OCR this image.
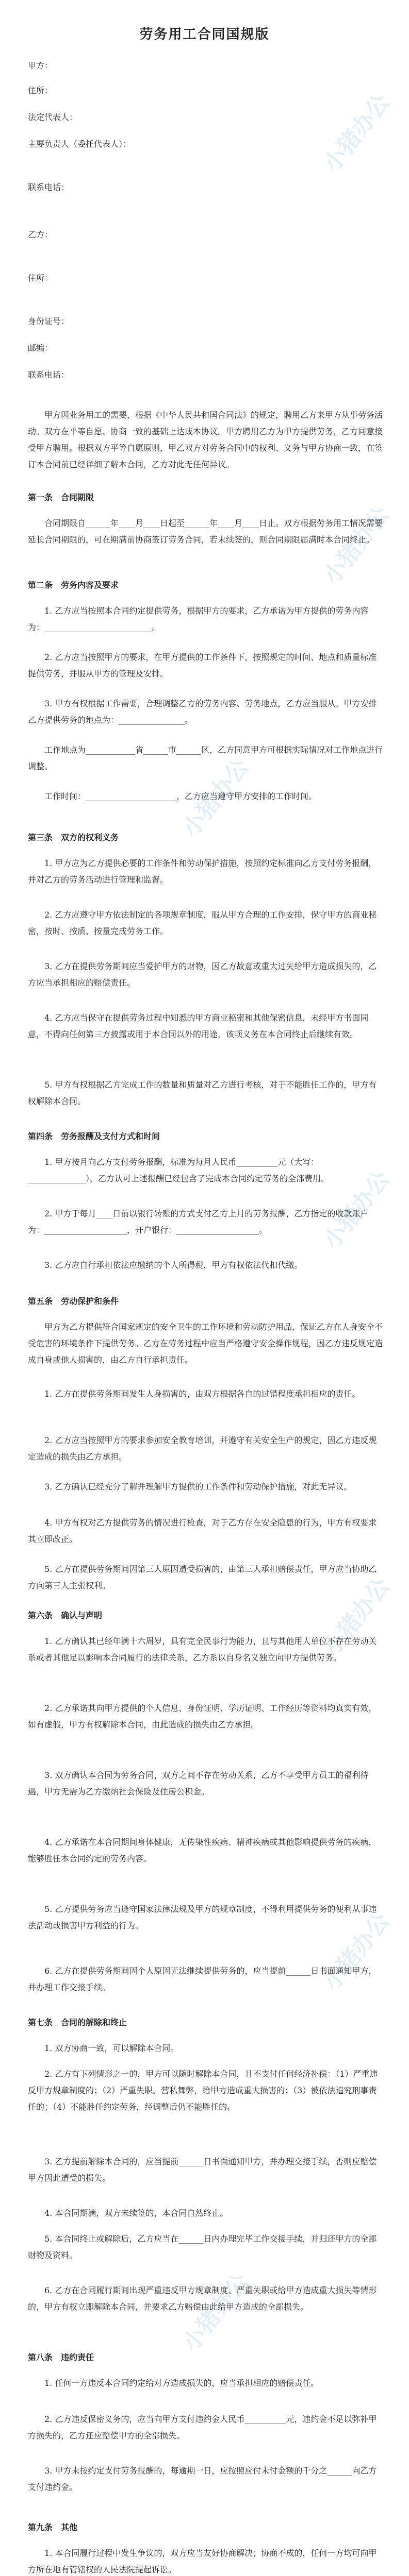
劳务用工合同国规版
甲方：
住所：
法定代表人：
主要负责人（委托代表人）：
联系电话：
乙方：
住所：
身份证号：
邮编：
联系电话：
甲方因业务用工的需要，根据《中华人民共和国合同法》的规定，聘用乙方来甲方从事劳务活动。双方在平等自愿、协商一致的基础上达成本协议。甲方聘用乙方为甲方提供劳务，乙方同意接受甲方聘用。根据双方平等自愿原则，甲乙双方对劳务合同中的权利、义务与甲方协商一致，在签订本合同前已经详细了解本合同，乙方对此无任何异议。
第一条　合同期限
合同期限自______年____月____日起至______年____月____日止。双方根据劳务用工情况需要延长合同期限的，可在期满前协商签订劳务合同，若未续签的，则合同期限届满时本合同终止。
第二条　劳务内容及要求
1. 乙方应当按照本合同约定提供劳务，根据甲方的要求，乙方承诺为甲方提供的劳务内容为：__________________________。
2. 乙方应当按照甲方的要求，在甲方提供的工作条件下，按照规定的时间、地点和质量标准提供劳务，并服从甲方的管理及安排。
3. 甲方有权根据工作需要，合理调整乙方的劳务内容、劳务地点，乙方应当服从。甲方安排乙方提供劳务的地点为：________________。
工作地点为____________省______市______区，乙方同意甲方可根据实际情况对工作地点进行调整。
工作时间：______________________，乙方应当遵守甲方安排的工作时间。
第三条　双方的权利义务
1. 甲方应为乙方提供必要的工作条件和劳动保护措施，按照约定标准向乙方支付劳务报酬，并对乙方的劳务活动进行管理和监督。
2. 乙方应遵守甲方依法制定的各项规章制度，服从甲方合理的工作安排，保守甲方的商业秘密，按时、按质、按量完成劳务工作。
3. 乙方在提供劳务期间应当爱护甲方的财物，因乙方故意或重大过失给甲方造成损失的，乙方应当承担相应的赔偿责任。
4. 乙方应当保守在提供劳务过程中知悉的甲方商业秘密和其他保密信息，未经甲方书面同意，不得向任何第三方披露或用于本合同以外的用途，该项义务在本合同终止后继续有效。
5. 甲方有权根据乙方完成工作的数量和质量对乙方进行考核，对于不能胜任工作的，甲方有权解除本合同。
第四条　劳务报酬及支付方式和时间
1. 甲方按月向乙方支付劳务报酬，标准为每月人民币__________元（大写：______________），乙方认可上述报酬已经包含了完成本合同约定劳务的全部费用。
2. 甲方于每月____日前以银行转账的方式支付乙方上月的劳务报酬，乙方指定的收款账户为：____________________，开户银行：____________________。
3. 乙方应自行承担依法应缴纳的个人所得税，甲方有权依法代扣代缴。
第五条　劳动保护和条件
甲方为乙方提供符合国家规定的安全卫生的工作环境和劳动防护用品，保证乙方在人身安全不受危害的环境条件下提供劳务。乙方在劳务过程中应当严格遵守安全操作规程，因乙方违反规定造成自身或他人损害的，由乙方自行承担责任。
1. 乙方在提供劳务期间发生人身损害的，由双方根据各自的过错程度承担相应的责任。
2. 乙方应当按照甲方的要求参加安全教育培训，并遵守有关安全生产的规定，因乙方违反规定造成的损失由乙方承担。
3. 乙方确认已经充分了解并理解甲方提供的工作条件和劳动保护措施，对此无异议。
4. 甲方有权对乙方提供劳务的情况进行检查，对于乙方存在安全隐患的行为，甲方有权要求其立即改正。
5. 乙方在提供劳务期间因第三人原因遭受损害的，由第三人承担赔偿责任，甲方应当协助乙方向第三人主张权利。
第六条　确认与声明
1. 乙方确认其已经年满十六周岁，具有完全民事行为能力，且与其他用人单位不存在劳动关系或者其他足以影响本合同履行的法律关系，乙方系以自身名义独立向甲方提供劳务。
2. 乙方承诺其向甲方提供的个人信息、身份证明、学历证明、工作经历等资料均真实有效，如有虚假，甲方有权解除本合同，由此造成的损失由乙方承担。
3. 双方确认本合同为劳务合同，双方之间不存在劳动关系，乙方不享受甲方员工的福利待遇，甲方无需为乙方缴纳社会保险及住房公积金。
4. 乙方承诺在本合同期间身体健康，无传染性疾病、精神疾病或其他影响提供劳务的疾病，能够胜任本合同约定的劳务内容。
5. 乙方提供劳务应当遵守国家法律法规及甲方的规章制度，不得利用提供劳务的便利从事违法活动或损害甲方利益的行为。
6. 乙方在提供劳务期间因个人原因无法继续提供劳务的，应当提前______日书面通知甲方，并办理工作交接手续。
第七条　合同的解除和终止
1. 双方协商一致，可以解除本合同。
2. 乙方有下列情形之一的，甲方可以随时解除本合同，且不支付任何经济补偿：（1）严重违反甲方规章制度的；（2）严重失职、营私舞弊，给甲方造成重大损害的；（3）被依法追究刑事责任的；（4）不能胜任约定劳务，经调整后仍不能胜任的。
3. 乙方提前解除本合同的，应当提前______日书面通知甲方，并办理交接手续，否则应赔偿甲方因此遭受的损失。
4. 本合同期满，双方未续签的，本合同自然终止。
5. 本合同终止或解除后，乙方应当在______日内办理完毕工作交接手续，并归还甲方的全部财物及资料。
6. 乙方在合同履行期间出现严重违反甲方规章制度、严重失职或给甲方造成重大损失等情形的，甲方有权立即解除本合同，并要求乙方赔偿由此给甲方造成的全部损失。
第八条　违约责任
1. 任何一方违反本合同约定给对方造成损失的，应当承担相应的赔偿责任。
2. 乙方违反保密义务的，应当向甲方支付违约金人民币__________元，违约金不足以弥补甲方损失的，乙方还应赔偿甲方的全部损失。
3. 甲方未按约定支付劳务报酬的，每逾期一日，应按照应付未付金额的千分之______向乙方支付违约金。
第九条　其他
1. 本合同履行过程中发生争议的，双方应当友好协商解决；协商不成的，任何一方均可向甲方所在地有管辖权的人民法院提起诉讼。
小猪办公
小猪办公
小猪办公
小猪办公
小猪办公
小猪办公
小猪办公
